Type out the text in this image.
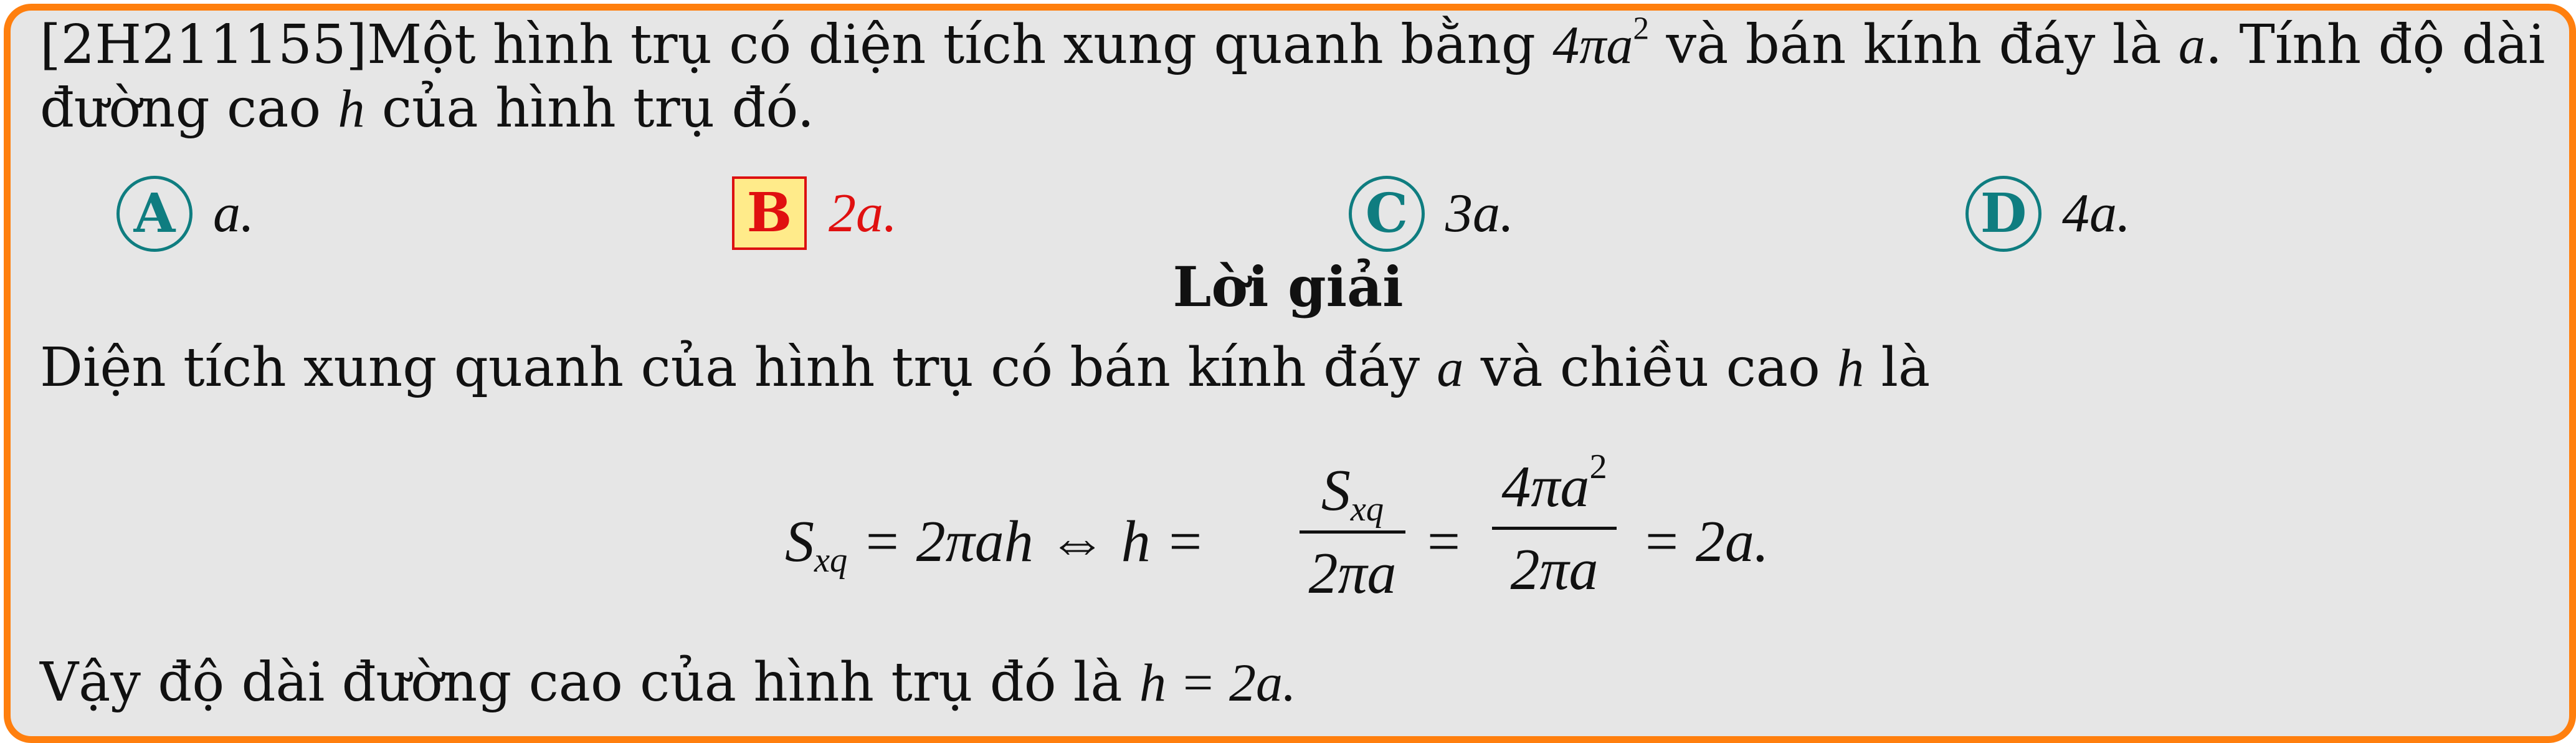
[2H211155]Một hình trụ có diện tích xung quanh bằng $4\pi a^2$ và bán kính đáy là a. Tính độ dài
đường cao h của hình trụ đó.
A a.	B 2a.	C 3a.	D 4a.
Lời giải
Diện tích xung quanh của hình trụ có bán kính đáy a và chiều cao h là
$S_{xq} = 2\pi ah$ ⇔ h =
$S_{xq}$
2πa =
$4\pi a^2$
2πa = 2a.
Vậy độ dài đường cao của hình trụ đó là h = 2a.
